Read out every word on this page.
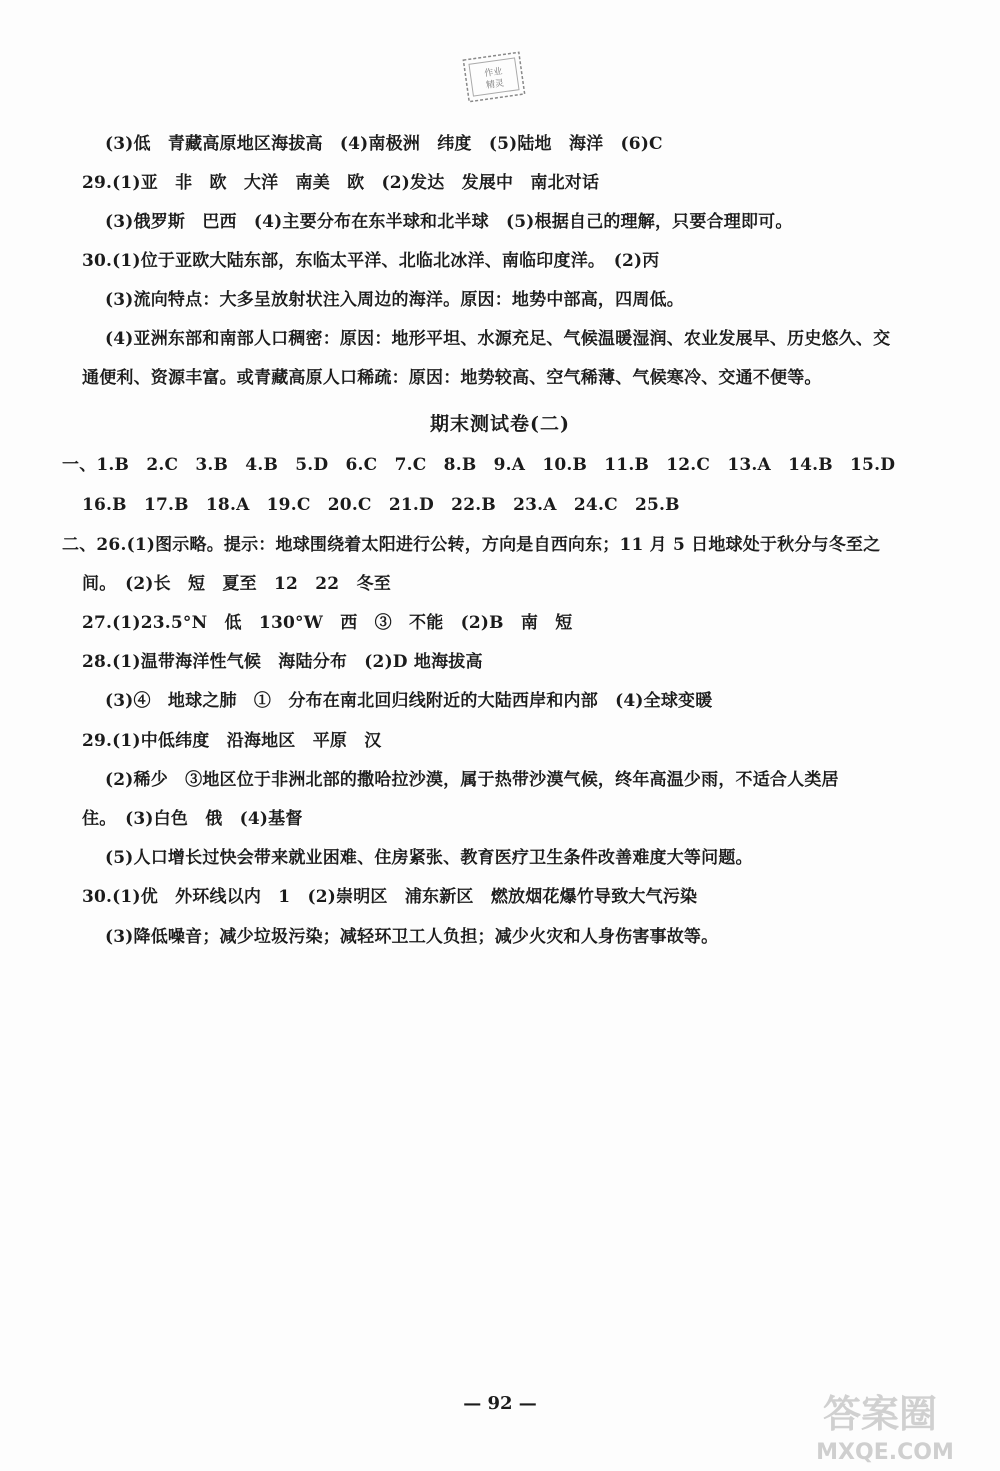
作业
精灵
(3)低　青藏高原地区海拔高　(4)南极洲　纬度　(5)陆地　海洋　(6)C
29.(1)亚　非　欧　大洋　南美　欧　(2)发达　发展中　南北对话
(3)俄罗斯　巴西　(4)主要分布在东半球和北半球　(5)根据自己的理解，只要合理即可。
30.(1)位于亚欧大陆东部，东临太平洋、北临北冰洋、南临印度洋。　(2)丙
(3)流向特点：大多呈放射状注入周边的海洋。原因：地势中部高，四周低。
(4)亚洲东部和南部人口稠密：原因：地形平坦、水源充足、气候温暖湿润、农业发展早、历史悠久、交
通便利、资源丰富。或青藏高原人口稀疏：原因：地势较高、空气稀薄、气候寒冷、交通不便等。
期末测试卷(二)
一、1.B　2.C　3.B　4.B　5.D　6.C　7.C　8.B　9.A　10.B　11.B　12.C　13.A　14.B　15.D
16.B　17.B　18.A　19.C　20.C　21.D　22.B　23.A　24.C　25.B
二、26.(1)图示略。提示：地球围绕着太阳进行公转，方向是自西向东；11 月 5 日地球处于秋分与冬至之
间。　(2)长　短　夏至　12　22　冬至
27.(1)23.5°N　低　130°W　西　③　不能　(2)B　南　短
28.(1)温带海洋性气候　海陆分布　(2)D 地海拔高
(3)④　地球之肺　①　分布在南北回归线附近的大陆西岸和内部　(4)全球变暖
29.(1)中低纬度　沿海地区　平原　汉
(2)稀少　③地区位于非洲北部的撒哈拉沙漠，属于热带沙漠气候，终年高温少雨，不适合人类居
住。　(3)白色　俄　(4)基督
(5)人口增长过快会带来就业困难、住房紧张、教育医疗卫生条件改善难度大等问题。
30.(1)优　外环线以内　1　(2)崇明区　浦东新区　燃放烟花爆竹导致大气污染
(3)降低噪音；减少垃圾污染；减轻环卫工人负担；减少火灾和人身伤害事故等。
— 92 —	答案圈
MXQE.COM
